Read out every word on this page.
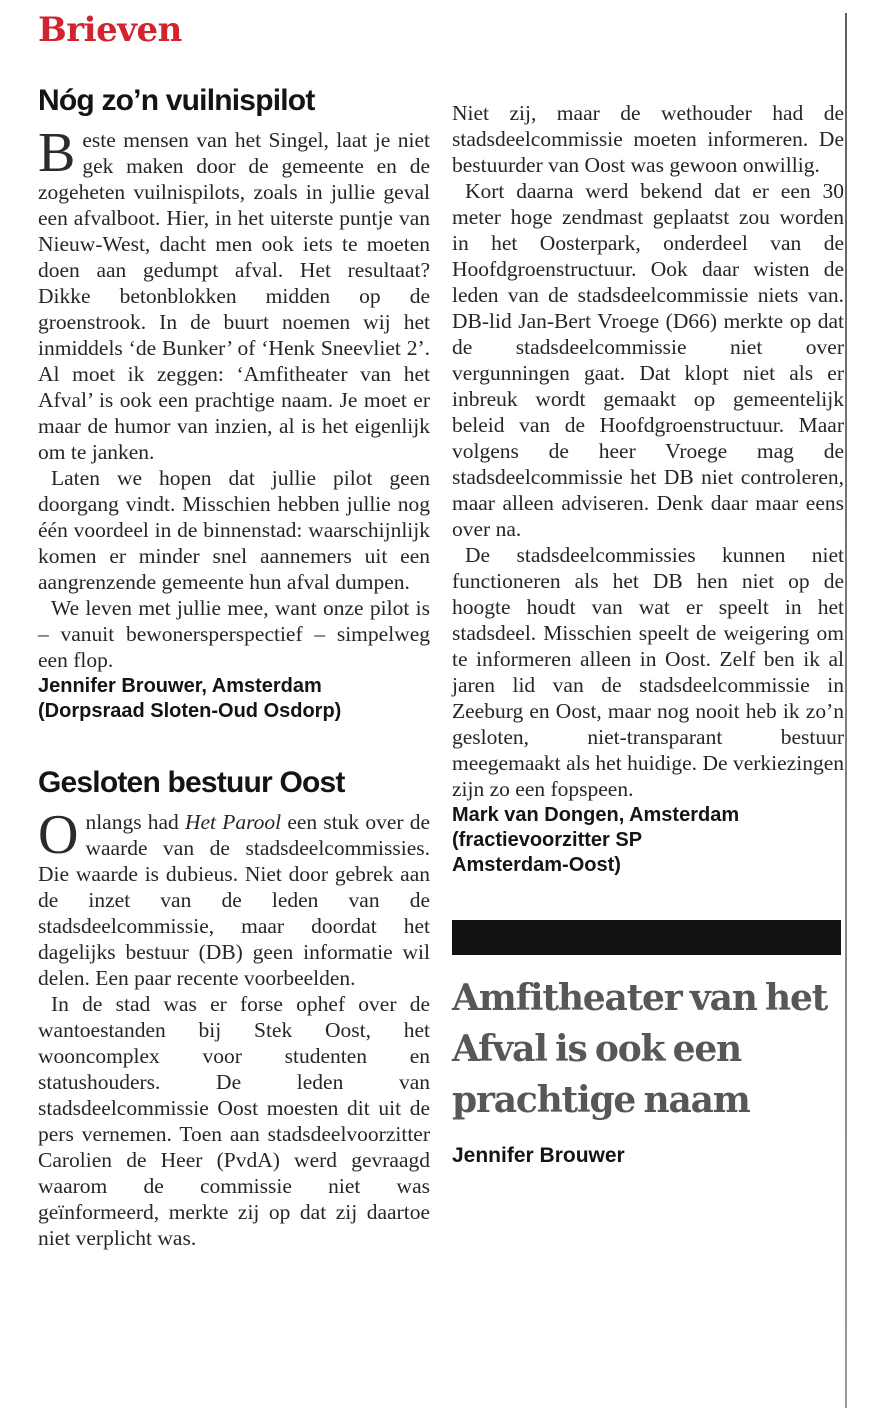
Brieven
Nóg zo’n vuilnispilot

Beste mensen van het Singel, laat je niet gek maken door de gemeente en de zogeheten vuilnispilots, zoals in jullie geval een afvalboot. Hier, in het uiterste puntje van Nieuw-West, dacht men ook iets te moeten doen aan gedumpt afval. Het resultaat? Dikke betonblokken midden op de groenstrook. In de buurt noemen wij het inmiddels ‘de Bunker’ of ‘Henk Sneevliet 2’. Al moet ik zeggen: ‘Amfitheater van het Afval’ is ook een prachtige naam. Je moet er maar de humor van inzien, al is het eigenlijk om te janken.

Laten we hopen dat jullie pilot geen doorgang vindt. Misschien hebben jullie nog één voordeel in de binnenstad: waarschijnlijk komen er minder snel aannemers uit een aangrenzende gemeente hun afval dumpen.

We leven met jullie mee, want onze pilot is – vanuit bewonersperspectief – simpelweg een flop.

Jennifer Brouwer, Amsterdam
(Dorpsraad Sloten-Oud Osdorp)
Gesloten bestuur Oost

Onlangs had Het Parool een stuk over de waarde van de stadsdeelcommissies. Die waarde is dubieus. Niet door gebrek aan de inzet van de leden van de stadsdeelcommissie, maar doordat het dagelijks bestuur (DB) geen informatie wil delen. Een paar recente voorbeelden.

In de stad was er forse ophef over de wantoestanden bij Stek Oost, het wooncomplex voor studenten en statushouders. De leden van stadsdeelcommissie Oost moesten dit uit de pers vernemen. Toen aan stadsdeelvoorzitter Carolien de Heer (PvdA) werd gevraagd waarom de commissie niet was geïnformeerd, merkte zij op dat zij daartoe niet verplicht was.

Niet zij, maar de wethouder had de stadsdeelcommissie moeten informeren. De bestuurder van Oost was gewoon onwillig.

Kort daarna werd bekend dat er een 30 meter hoge zendmast geplaatst zou worden in het Oosterpark, onderdeel van de Hoofdgroenstructuur. Ook daar wisten de leden van de stadsdeelcommissie niets van. DB-lid Jan-Bert Vroege (D66) merkte op dat de stadsdeelcommissie niet over vergunningen gaat. Dat klopt niet als er inbreuk wordt gemaakt op gemeentelijk beleid van de Hoofdgroenstructuur. Maar volgens de heer Vroege mag de stadsdeelcommissie het DB niet controleren, maar alleen adviseren. Denk daar maar eens over na.

De stadsdeelcommissies kunnen niet functioneren als het DB hen niet op de hoogte houdt van wat er speelt in het stadsdeel. Misschien speelt de weigering om te informeren alleen in Oost. Zelf ben ik al jaren lid van de stadsdeelcommissie in Zeeburg en Oost, maar nog nooit heb ik zo’n gesloten, niet-transparant bestuur meegemaakt als het huidige. De verkiezingen zijn zo een fopspeen.

Mark van Dongen, Amsterdam
(fractievoorzitter SP
Amsterdam-Oost)
Amfitheater van het Afval is ook een prachtige naam
Jennifer Brouwer
